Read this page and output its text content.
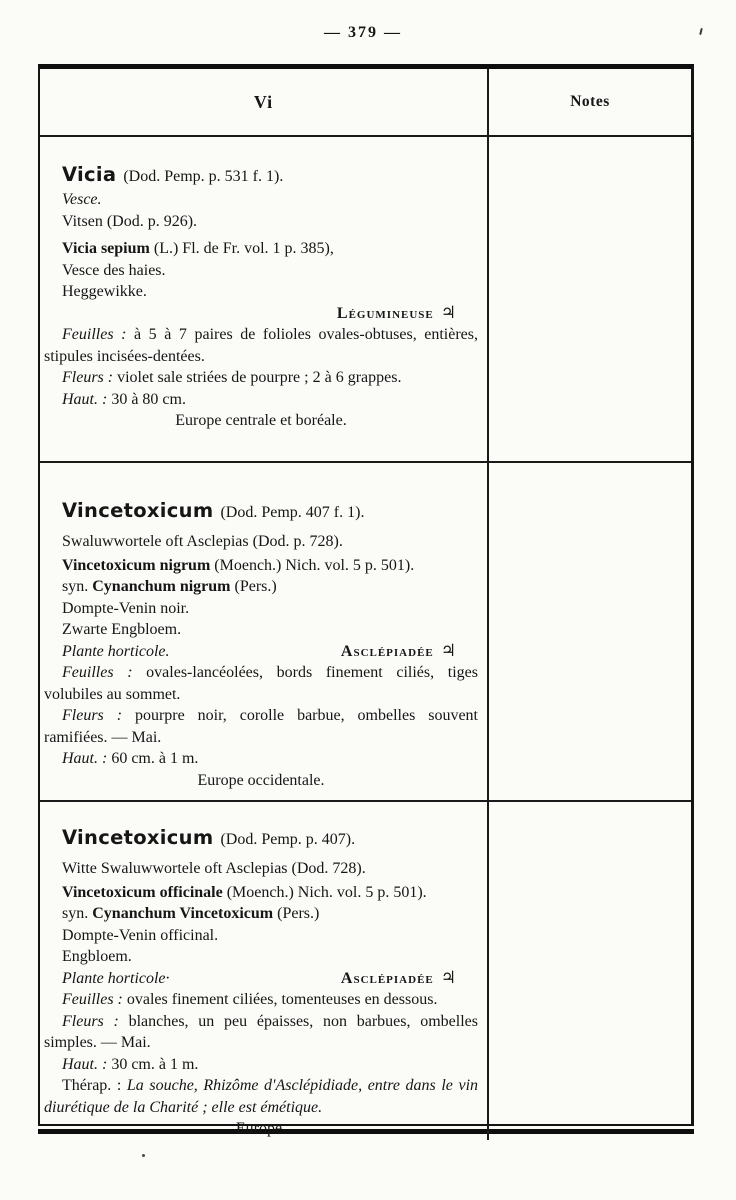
— 379 —
Vi	Notes

Vicia (Dod. Pemp. p. 531 f. 1).

Vesce.

Vitsen (Dod. p. 926).

Vicia sepium (L.) Fl. de Fr. vol. 1 p. 385),

Vesce des haies.

Heggewikke.

Légumineuse ♃

Feuilles : à 5 à 7 paires de folioles ovales-obtuses, entières, stipules incisées-dentées.

Fleurs : violet sale striées de pourpre ; 2 à 6 grappes.

Haut. : 30 à 80 cm.

Europe centrale et boréale.

Vincetoxicum (Dod. Pemp. 407 f. 1).

Swaluwwortele oft Asclepias (Dod. p. 728).

Vincetoxicum nigrum (Moench.) Nich. vol. 5 p. 501).

syn. Cynanchum nigrum (Pers.)

Dompte-Venin noir.

Zwarte Engbloem.

Plante horticole.	Asclépiadée ♃

Feuilles : ovales-lancéolées, bords finement ciliés, tiges volubiles au sommet.

Fleurs : pourpre noir, corolle barbue, ombelles souvent ramifiées. — Mai.

Haut. : 60 cm. à 1 m.

Europe occidentale.

Vincetoxicum (Dod. Pemp. p. 407).

Witte Swaluwwortele oft Asclepias (Dod. 728).

Vincetoxicum officinale (Moench.) Nich. vol. 5 p. 501).

syn. Cynanchum Vincetoxicum (Pers.)

Dompte-Venin officinal.

Engbloem.

Plante horticole·	Asclépiadée ♃

Feuilles : ovales finement ciliées, tomenteuses en dessous.

Fleurs : blanches, un peu épaisses, non barbues, ombelles simples. — Mai.

Haut. : 30 cm. à 1 m.

Thérap. : La souche, Rhizôme d'Asclépidiade, entre dans le vin diurétique de la Charité ; elle est émétique.

Europe.
